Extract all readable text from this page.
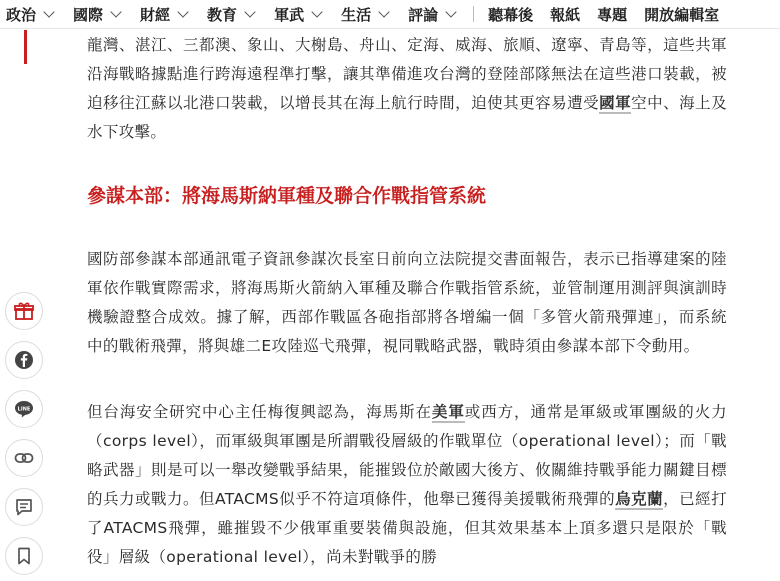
政治 國際 財經 教育 軍武 生活 評論	聽幕後 報紙 專題 開放編輯室

龍灣、湛江、三都澳、象山、大榭島、舟山、定海、威海、旅順、遼寧、青島等，這些共軍沿海戰略據點進行跨海遠程準打擊，讓其準備進攻台灣的登陸部隊無法在這些港口裝載，被迫移往江蘇以北港口裝載，以增長其在海上航行時間，迫使其更容易遭受國軍空中、海上及水下攻擊。

參謀本部：將海馬斯納軍種及聯合作戰指管系統

國防部參謀本部通訊電子資訊參謀次長室日前向立法院提交書面報告，表示已指導建案的陸軍依作戰實際需求，將海馬斯火箭納入軍種及聯合作戰指管系統，並管制運用測評與演訓時機驗證整合成效。據了解，西部作戰區各砲指部將各增編一個「多管火箭飛彈連」，而系統中的戰術飛彈，將與雄二E攻陸巡弋飛彈，視同戰略武器，戰時須由參謀本部下令動用。

但台海安全研究中心主任梅復興認為，海馬斯在美軍或西方，通常是軍級或軍團級的火力（corps level），而軍級與軍團是所謂戰役層級的作戰單位（operational level）；而「戰略武器」則是可以一舉改變戰爭結果，能摧毀位於敵國大後方、攸關維持戰爭能力關鍵目標的兵力或戰力。但ATACMS似乎不符這項條件，他舉已獲得美援戰術飛彈的烏克蘭，已經打了ATACMS飛彈，雖摧毀不少俄軍重要裝備與設施，但其效果基本上頂多還只是限於「戰役」層級（operational level），尚未對戰爭的勝

LINE
